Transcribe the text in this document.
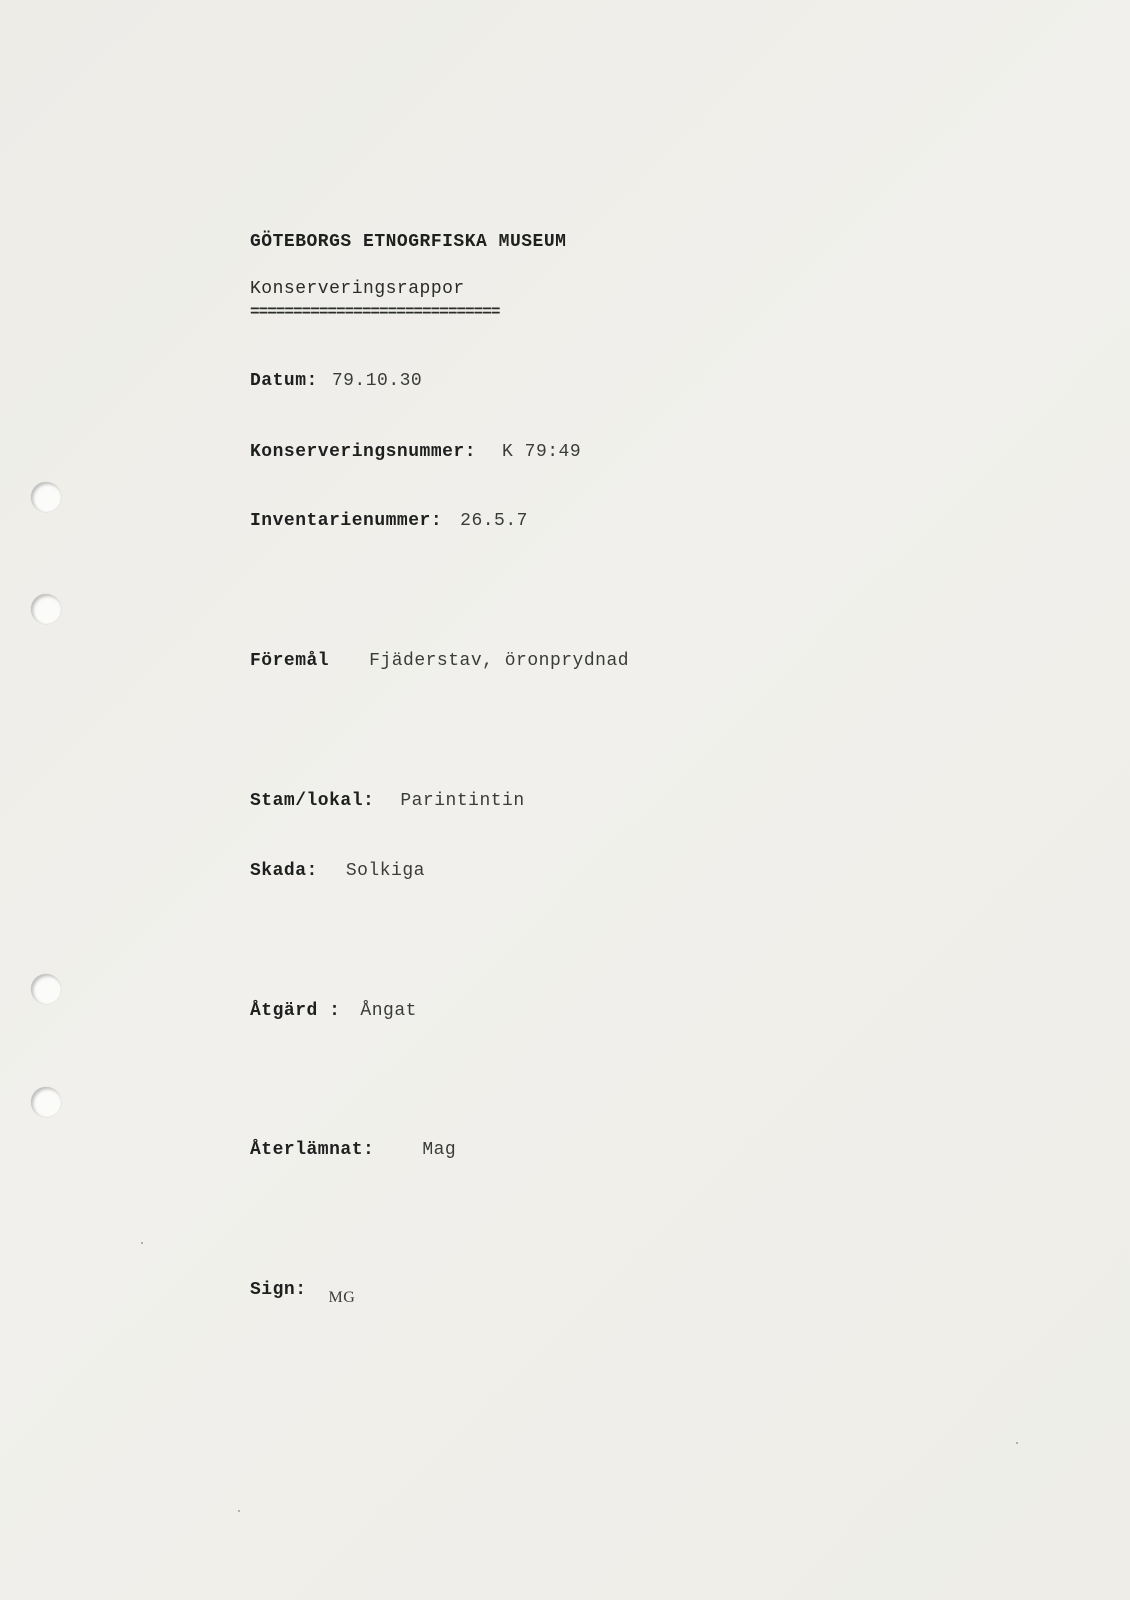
GÖTEBORGS ETNOGRFISKA MUSEUM
Konserveringsrappor
=============================
Datum: 79.10.30
Konserveringsnummer: K 79:49
Inventarienummer: 26.5.7
Föremål Fjäderstav, öronprydnad
Stam/lokal: Parintintin
Skada: Solkiga
Åtgärd : Ångat
Återlämnat:	Mag
Sign: MG
